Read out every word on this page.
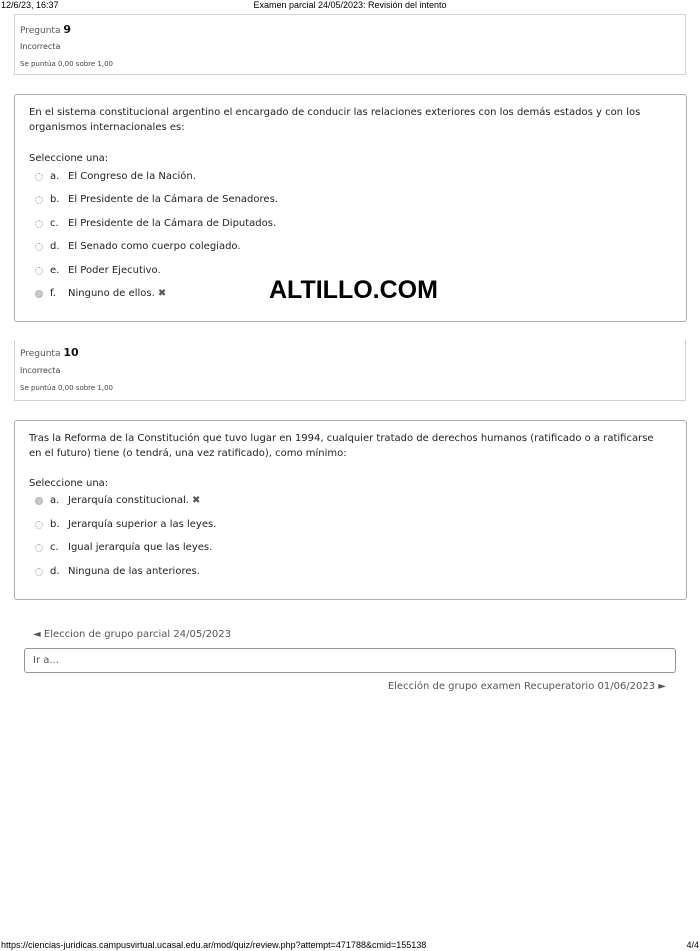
12/6/23, 16:37	Examen parcial 24/05/2023: Revisión del intento
Pregunta 9
Incorrecta
Se puntúa 0,00 sobre 1,00
En el sistema constitucional argentino el encargado de conducir las relaciones exteriores con los demás estados y con los organismos internacionales es:
Seleccione una:
a. El Congreso de la Nación.
b. El Presidente de la Cámara de Senadores.
c. El Presidente de la Cámara de Diputados.
d. El Senado como cuerpo colegiado.
e. El Poder Ejecutivo.
f. Ninguno de ellos. ✖	ALTILLO.COM
Pregunta 10
Incorrecta
Se puntúa 0,00 sobre 1,00
Tras la Reforma de la Constitución que tuvo lugar en 1994, cualquier tratado de derechos humanos (ratificado o a ratificarse en el futuro) tiene (o tendrá, una vez ratificado), como mínimo:
Seleccione una:
a. Jerarquía constitucional. ✖
b. Jerarquía superior a las leyes.
c. Igual jerarquía que las leyes.
d. Ninguna de las anteriores.
◄ Eleccion de grupo parcial 24/05/2023
Ir a...
Elección de grupo examen Recuperatorio 01/06/2023 ►
https://ciencias-juridicas.campusvirtual.ucasal.edu.ar/mod/quiz/review.php?attempt=471788&cmid=155138	4/4
